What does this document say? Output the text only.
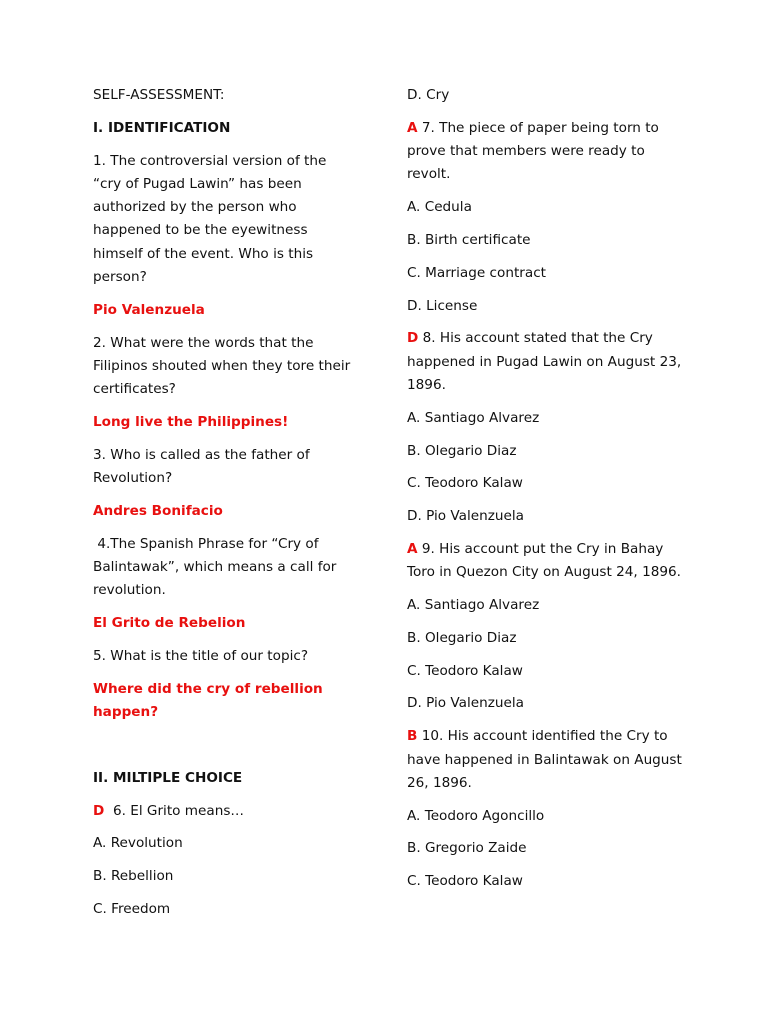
SELF-ASSESSMENT:

I. IDENTIFICATION

1. The controversial version of the “cry of Pugad Lawin” has been authorized by the person who happened to be the eyewitness himself of the event. Who is this person?

Pio Valenzuela

2. What were the words that the Filipinos shouted when they tore their certificates?

Long live the Philippines!

3. Who is called as the father of Revolution?

Andres Bonifacio

4.The Spanish Phrase for “Cry of Balintawak”, which means a call for revolution.

El Grito de Rebelion

5. What is the title of our topic?

Where did the cry of rebellion happen?

II. MILTIPLE CHOICE

D  6. El Grito means…

A. Revolution

B. Rebellion

C. Freedom

D. Cry

A 7. The piece of paper being torn to prove that members were ready to revolt.

A. Cedula

B. Birth certificate

C. Marriage contract

D. License

D 8. His account stated that the Cry happened in Pugad Lawin on August 23, 1896.

A. Santiago Alvarez

B. Olegario Diaz

C. Teodoro Kalaw

D. Pio Valenzuela

A 9. His account put the Cry in Bahay Toro in Quezon City on August 24, 1896.

A. Santiago Alvarez

B. Olegario Diaz

C. Teodoro Kalaw

D. Pio Valenzuela

B 10. His account identified the Cry to have happened in Balintawak on August 26, 1896.

A. Teodoro Agoncillo

B. Gregorio Zaide

C. Teodoro Kalaw
